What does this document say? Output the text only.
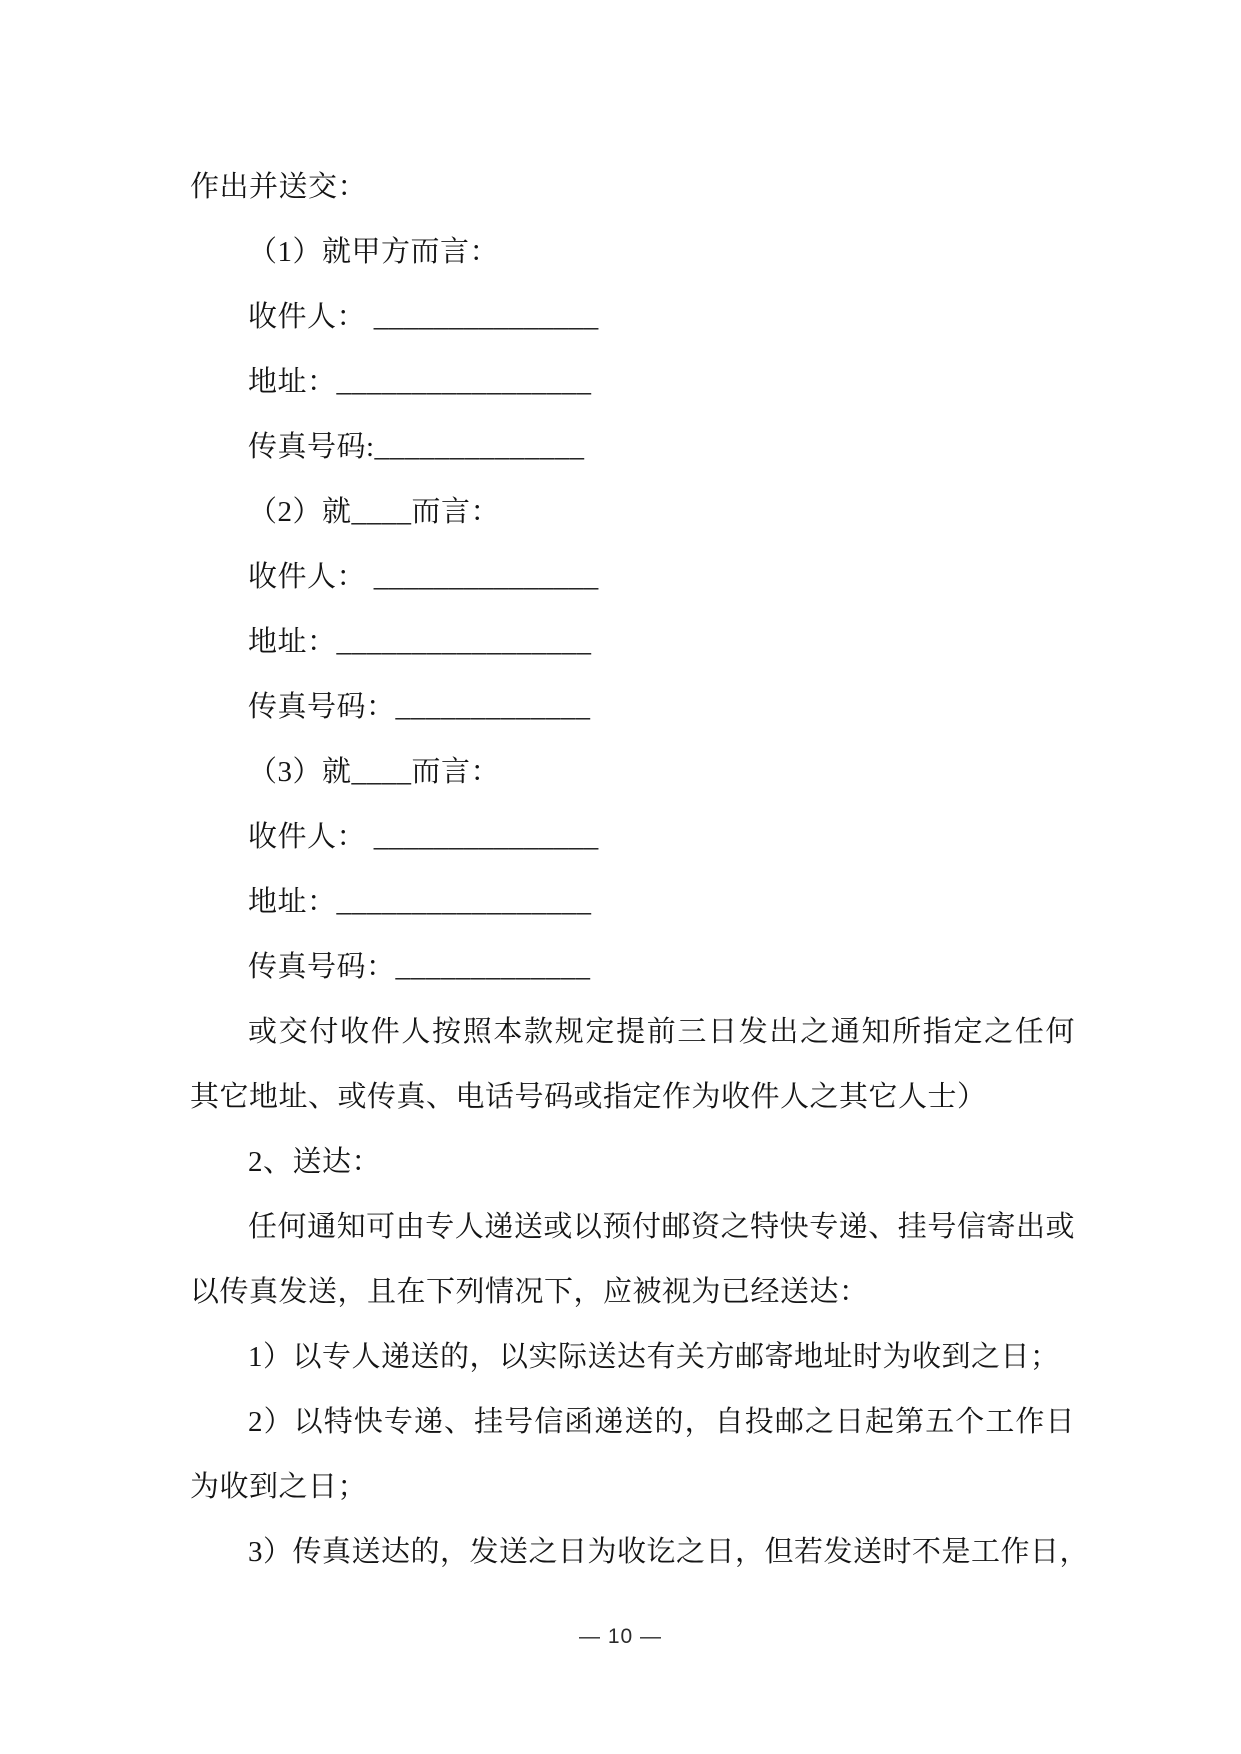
作出并送交：

（1）就甲方而言：

收件人： _______________

地址：_________________

传真号码:______________

（2）就____而言：

收件人： _______________

地址：_________________

传真号码：_____________

（3）就____而言：

收件人： _______________

地址：_________________

传真号码：_____________

或交付收件人按照本款规定提前三日发出之通知所指定之任何

其它地址、或传真、电话号码或指定作为收件人之其它人士）

2、送达：

任何通知可由专人递送或以预付邮资之特快专递、挂号信寄出或

以传真发送，且在下列情况下，应被视为已经送达：

1）以专人递送的，以实际送达有关方邮寄地址时为收到之日；

2）以特快专递、挂号信函递送的，自投邮之日起第五个工作日

为收到之日；

3）传真送达的，发送之日为收讫之日，但若发送时不是工作日，

— 10 —
